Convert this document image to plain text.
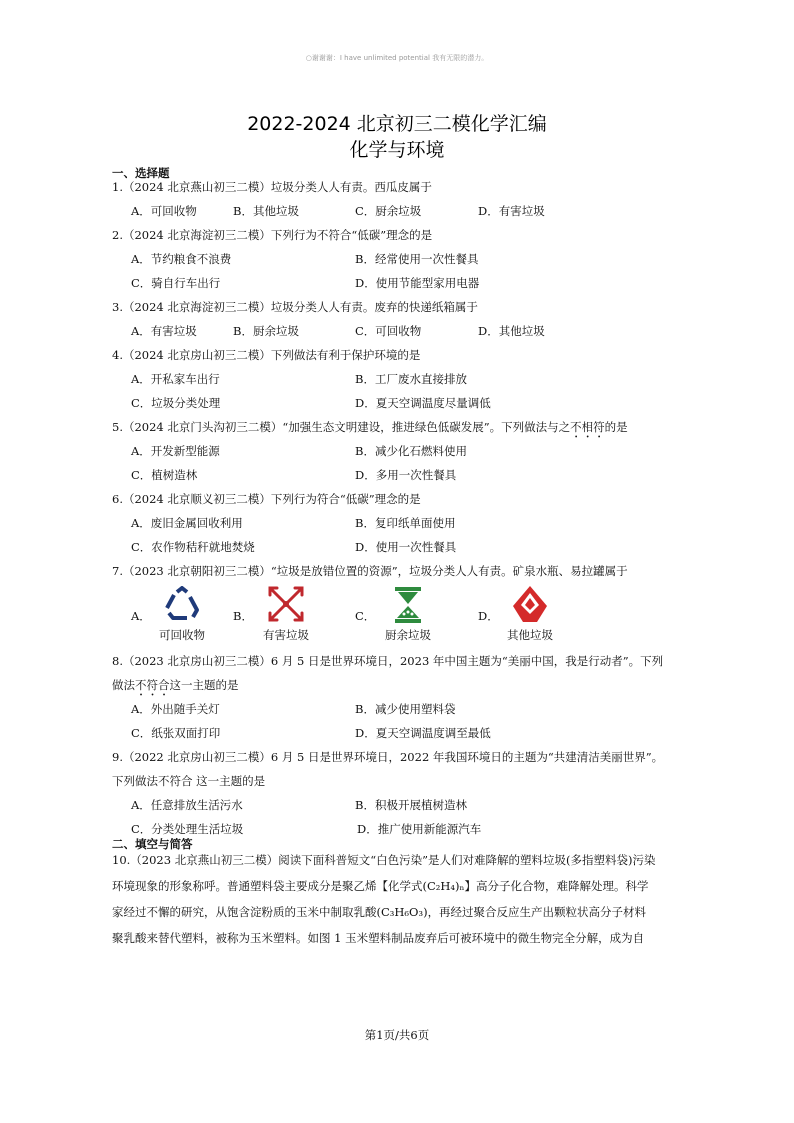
○谢谢谢：I have unlimited potential 我有无限的潜力。
2022-2024 北京初三二模化学汇编
化学与环境
一、选择题
1.（2024 北京燕山初三二模）垃圾分类人人有责。西瓜皮属于
A．可回收物	B．其他垃圾	C．厨余垃圾	D．有害垃圾
2.（2024 北京海淀初三二模）下列行为不符合“低碳”理念的是
A．节约粮食不浪费	B．经常使用一次性餐具
C．骑自行车出行	D．使用节能型家用电器
3.（2024 北京海淀初三二模）垃圾分类人人有责。废弃的快递纸箱属于
A．有害垃圾	B．厨余垃圾	C．可回收物	D．其他垃圾
4.（2024 北京房山初三二模）下列做法有利于保护环境的是
A．开私家车出行	B．工厂废水直接排放
C．垃圾分类处理	D．夏天空调温度尽量调低
5.（2024 北京门头沟初三二模）“加强生态文明建设，推进绿色低碳发展”。下列做法与之不相符的是
A．开发新型能源	B．减少化石燃料使用
C．植树造林	D．多用一次性餐具
6.（2024 北京顺义初三二模）下列行为符合“低碳”理念的是
A．废旧金属回收利用	B．复印纸单面使用
C．农作物秸秆就地焚烧	D．使用一次性餐具
7.（2023 北京朝阳初三二模）“垃圾是放错位置的资源”，垃圾分类人人有责。矿泉水瓶、易拉罐属于
A．
可回收物
B．
有害垃圾
C．
厨余垃圾
D．
其他垃圾
8.（2023 北京房山初三二模）6 月 5 日是世界环境日，2023 年中国主题为“美丽中国，我是行动者”。下列
做法不符合这一主题的是
A．外出随手关灯	B．减少使用塑料袋
C．纸张双面打印	D．夏天空调温度调至最低
9.（2022 北京房山初三二模）6 月 5 日是世界环境日，2022 年我国环境日的主题为“共建清洁美丽世界”。
下列做法不符合 这一主题的是
A．任意排放生活污水	B．积极开展植树造林
C．分类处理生活垃圾	D．推广使用新能源汽车
二、填空与简答
10.（2023 北京燕山初三二模）阅读下面科普短文“白色污染”是人们对难降解的塑料垃圾(多指塑料袋)污染
环境现象的形象称呼。普通塑料袋主要成分是聚乙烯【化学式(C₂H₄)ₙ】高分子化合物，难降解处理。科学
家经过不懈的研究，从饱含淀粉质的玉米中制取乳酸(C₃H₆O₃)，再经过聚合反应生产出颗粒状高分子材料
聚乳酸来替代塑料，被称为玉米塑料。如图 1 玉米塑料制品废弃后可被环境中的微生物完全分解，成为自
第1页/共6页
